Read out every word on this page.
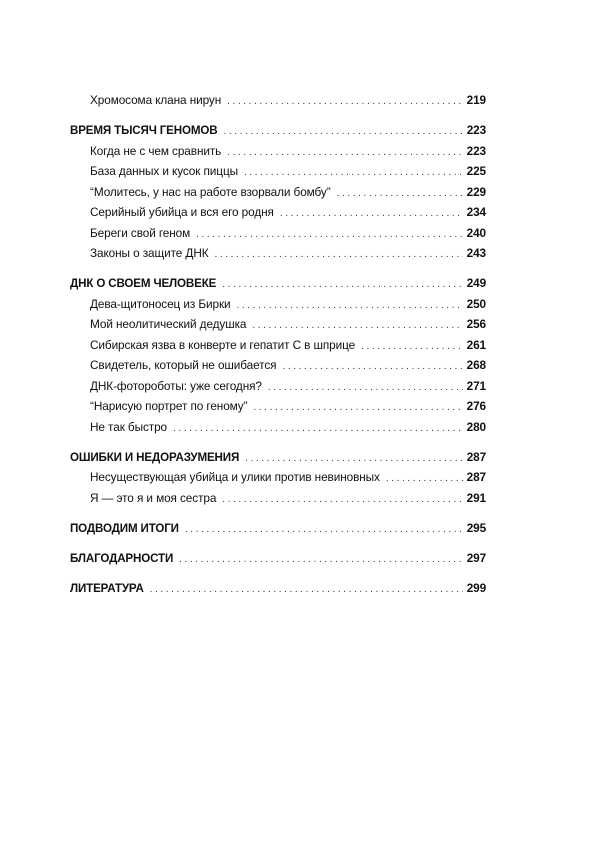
Хромосома клана нирун .....	219
ВРЕМЯ ТЫСЯЧ ГЕНОМОВ .....	223
Когда не с чем сравнить .....	223
База данных и кусок пиццы .....	225
“Молитесь, у нас на работе взорвали бомбу” .....	229
Серийный убийца и вся его родня .....	234
Береги свой геном .....	240
Законы о защите ДНК .....	243
ДНК О СВОЕМ ЧЕЛОВЕКЕ .....	249
Дева-щитоносец из Бирки .....	250
Мой неолитический дедушка .....	256
Сибирская язва в конверте и гепатит С в шприце .....	261
Свидетель, который не ошибается .....	268
ДНК-фотороботы: уже сегодня? .....	271
“Нарисую портрет по геному” .....	276
Не так быстро .....	280
ОШИБКИ И НЕДОРАЗУМЕНИЯ .....	287
Несуществующая убийца и улики против невиновных .....	287
Я — это я и моя сестра .....	291
ПОДВОДИМ ИТОГИ .....	295
БЛАГОДАРНОСТИ .....	297
ЛИТЕРАТУРА .....	299
